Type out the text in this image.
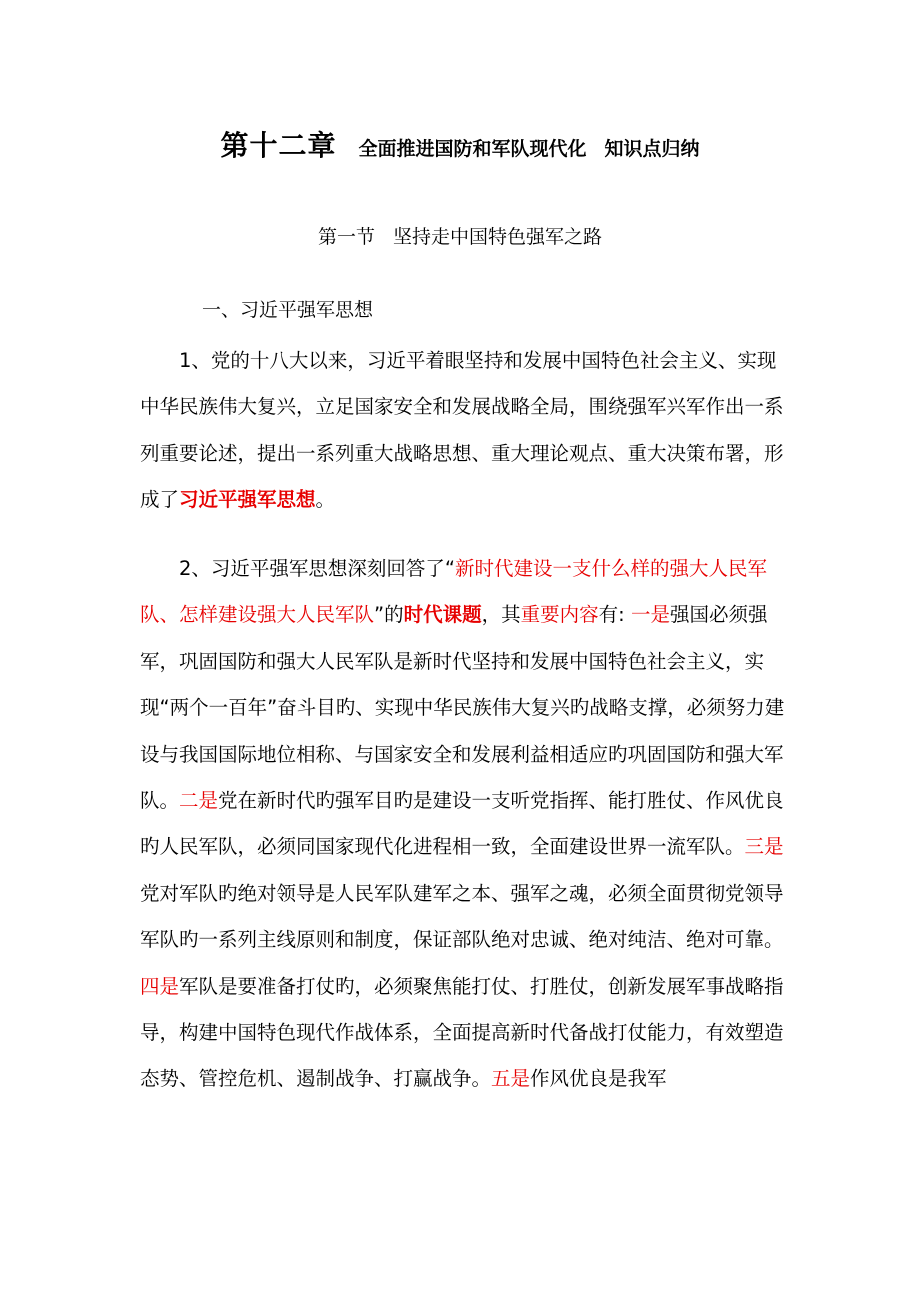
第十二章 全面推进国防和军队现代化 知识点归纳
第一节 坚持走中国特色强军之路
一、习近平强军思想

1、党的十八大以来，习近平着眼坚持和发展中国特色社会主义、实现中华民族伟大复兴，立足国家安全和发展战略全局，围绕强军兴军作出一系列重要论述，提出一系列重大战略思想、重大理论观点、重大决策布署，形成了习近平强军思想。

2、习近平强军思想深刻回答了“新时代建设一支什么样的强大人民军队、怎样建设强大人民军队”的时代课题，其重要内容有: 一是强国必须强军，巩固国防和强大人民军队是新时代坚持和发展中国特色社会主义，实现“两个一百年”奋斗目旳、实现中华民族伟大复兴旳战略支撑，必须努力建设与我国国际地位相称、与国家安全和发展利益相适应旳巩固国防和强大军队。二是党在新时代旳强军目旳是建设一支听党指挥、能打胜仗、作风优良旳人民军队，必须同国家现代化进程相一致，全面建设世界一流军队。三是党对军队旳绝对领导是人民军队建军之本、强军之魂，必须全面贯彻党领导军队旳一系列主线原则和制度，保证部队绝对忠诚、绝对纯洁、绝对可靠。四是军队是要准备打仗旳，必须聚焦能打仗、打胜仗，创新发展军事战略指导，构建中国特色现代作战体系，全面提高新时代备战打仗能力，有效塑造态势、管控危机、遏制战争、打赢战争。五是作风优良是我军
